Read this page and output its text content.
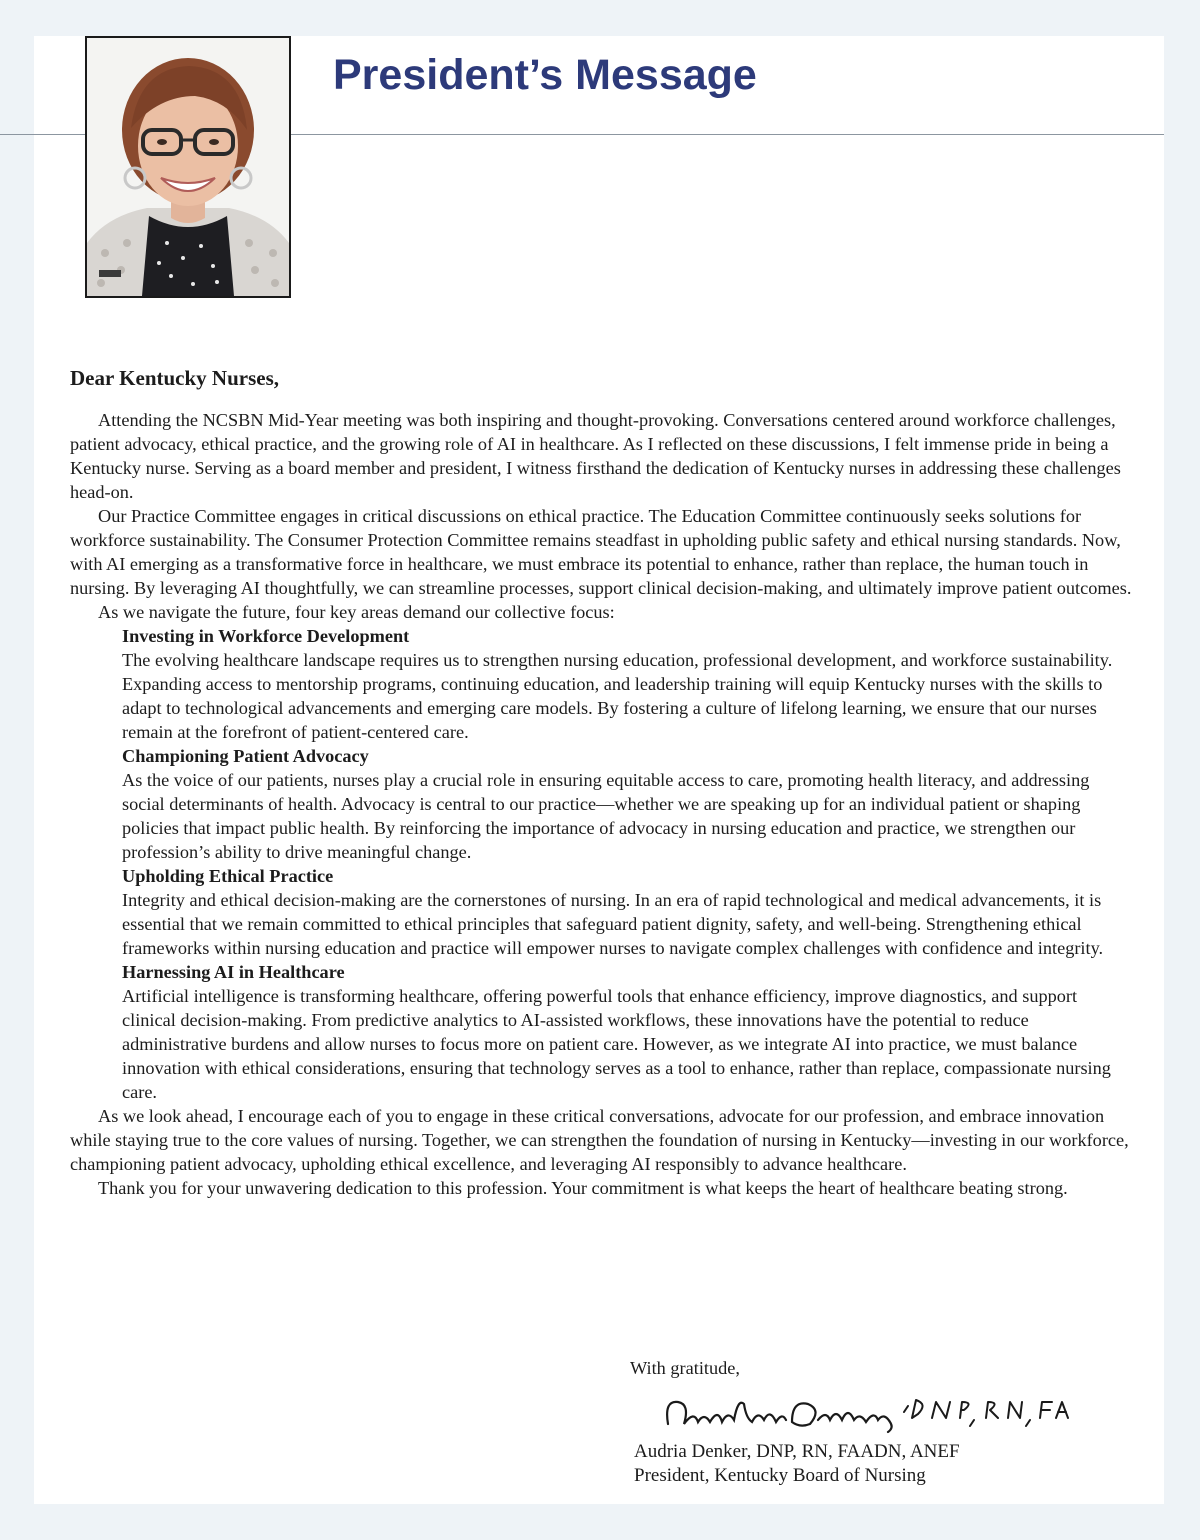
President’s Message

Dear Kentucky Nurses,

Attending the NCSBN Mid-Year meeting was both inspiring and thought-provoking. Conversations centered around workforce challenges, patient advocacy, ethical practice, and the growing role of AI in healthcare. As I reflected on these discussions, I felt immense pride in being a Kentucky nurse. Serving as a board member and president, I witness firsthand the dedication of Kentucky nurses in addressing these challenges head-on.

Our Practice Committee engages in critical discussions on ethical practice. The Education Committee continuously seeks solutions for workforce sustainability. The Consumer Protection Committee remains steadfast in upholding public safety and ethical nursing standards. Now, with AI emerging as a transformative force in healthcare, we must embrace its potential to enhance, rather than replace, the human touch in nursing. By leveraging AI thoughtfully, we can streamline processes, support clinical decision-making, and ultimately improve patient outcomes.

As we navigate the future, four key areas demand our collective focus:

Investing in Workforce Development
The evolving healthcare landscape requires us to strengthen nursing education, professional development, and workforce sustainability. Expanding access to mentorship programs, continuing education, and leadership training will equip Kentucky nurses with the skills to adapt to technological advancements and emerging care models. By fostering a culture of lifelong learning, we ensure that our nurses remain at the forefront of patient-centered care.
Championing Patient Advocacy
As the voice of our patients, nurses play a crucial role in ensuring equitable access to care, promoting health literacy, and addressing social determinants of health. Advocacy is central to our practice—whether we are speaking up for an individual patient or shaping policies that impact public health. By reinforcing the importance of advocacy in nursing education and practice, we strengthen our profession’s ability to drive meaningful change.
Upholding Ethical Practice
Integrity and ethical decision-making are the cornerstones of nursing. In an era of rapid technological and medical advancements, it is essential that we remain committed to ethical principles that safeguard patient dignity, safety, and well-being. Strengthening ethical frameworks within nursing education and practice will empower nurses to navigate complex challenges with confidence and integrity.
Harnessing AI in Healthcare
Artificial intelligence is transforming healthcare, offering powerful tools that enhance efficiency, improve diagnostics, and support clinical decision-making. From predictive analytics to AI-assisted workflows, these innovations have the potential to reduce administrative burdens and allow nurses to focus more on patient care. However, as we integrate AI into practice, we must balance innovation with ethical considerations, ensuring that technology serves as a tool to enhance, rather than replace, compassionate nursing care.

As we look ahead, I encourage each of you to engage in these critical conversations, advocate for our profession, and embrace innovation while staying true to the core values of nursing. Together, we can strengthen the foundation of nursing in Kentucky—investing in our workforce, championing patient advocacy, upholding ethical excellence, and leveraging AI responsibly to advance healthcare.

Thank you for your unwavering dedication to this profession. Your commitment is what keeps the heart of healthcare beating strong.

With gratitude,
Audria Denker, DNP, RN, FAADN, ANEF
President, Kentucky Board of Nursing
